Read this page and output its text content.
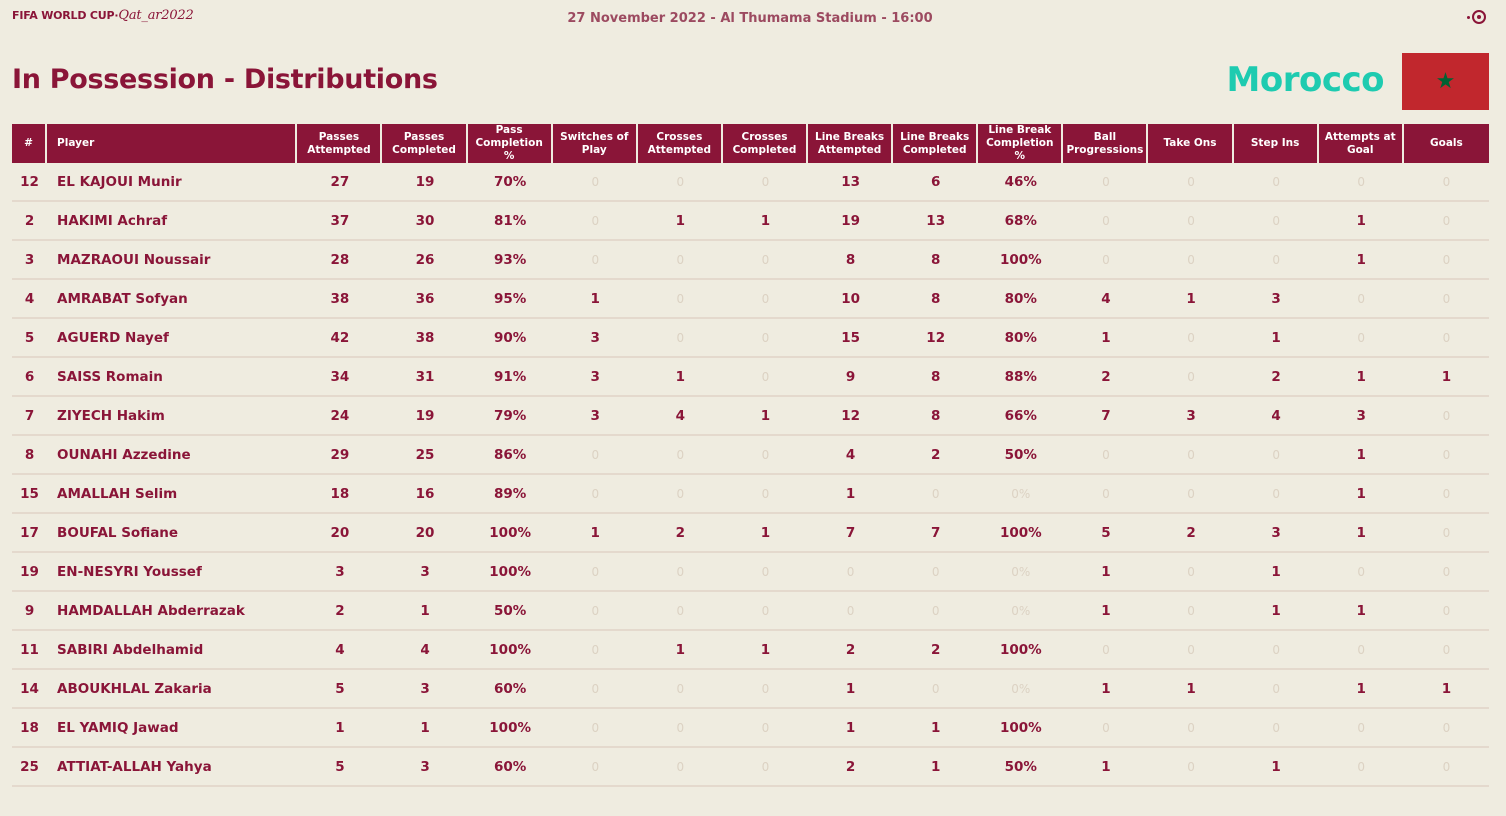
FIFA WORLD CUP·Qat_ar2022	27 November 2022 - Al Thumama Stadium - 16:00
In Possession - Distributions	Morocco	★
#	Player	Passes Attempted	Passes Completed	Pass Completion %	Switches of Play	Crosses Attempted	Crosses Completed	Line Breaks Attempted	Line Breaks Completed	Line Break Completion %	Ball Progressions	Take Ons	Step Ins	Attempts at Goal	Goals
12	EL KAJOUI Munir	27	19	70%	0	0	0	13	6	46%	0	0	0	0	0
2	HAKIMI Achraf	37	30	81%	0	1	1	19	13	68%	0	0	0	1	0
3	MAZRAOUI Noussair	28	26	93%	0	0	0	8	8	100%	0	0	0	1	0
4	AMRABAT Sofyan	38	36	95%	1	0	0	10	8	80%	4	1	3	0	0
5	AGUERD Nayef	42	38	90%	3	0	0	15	12	80%	1	0	1	0	0
6	SAISS Romain	34	31	91%	3	1	0	9	8	88%	2	0	2	1	1
7	ZIYECH Hakim	24	19	79%	3	4	1	12	8	66%	7	3	4	3	0
8	OUNAHI Azzedine	29	25	86%	0	0	0	4	2	50%	0	0	0	1	0
15	AMALLAH Selim	18	16	89%	0	0	0	1	0	0%	0	0	0	1	0
17	BOUFAL Sofiane	20	20	100%	1	2	1	7	7	100%	5	2	3	1	0
19	EN-NESYRI Youssef	3	3	100%	0	0	0	0	0	0%	1	0	1	0	0
9	HAMDALLAH Abderrazak	2	1	50%	0	0	0	0	0	0%	1	0	1	1	0
11	SABIRI Abdelhamid	4	4	100%	0	1	1	2	2	100%	0	0	0	0	0
14	ABOUKHLAL Zakaria	5	3	60%	0	0	0	1	0	0%	1	1	0	1	1
18	EL YAMIQ Jawad	1	1	100%	0	0	0	1	1	100%	0	0	0	0	0
25	ATTIAT-ALLAH Yahya	5	3	60%	0	0	0	2	1	50%	1	0	1	0	0
